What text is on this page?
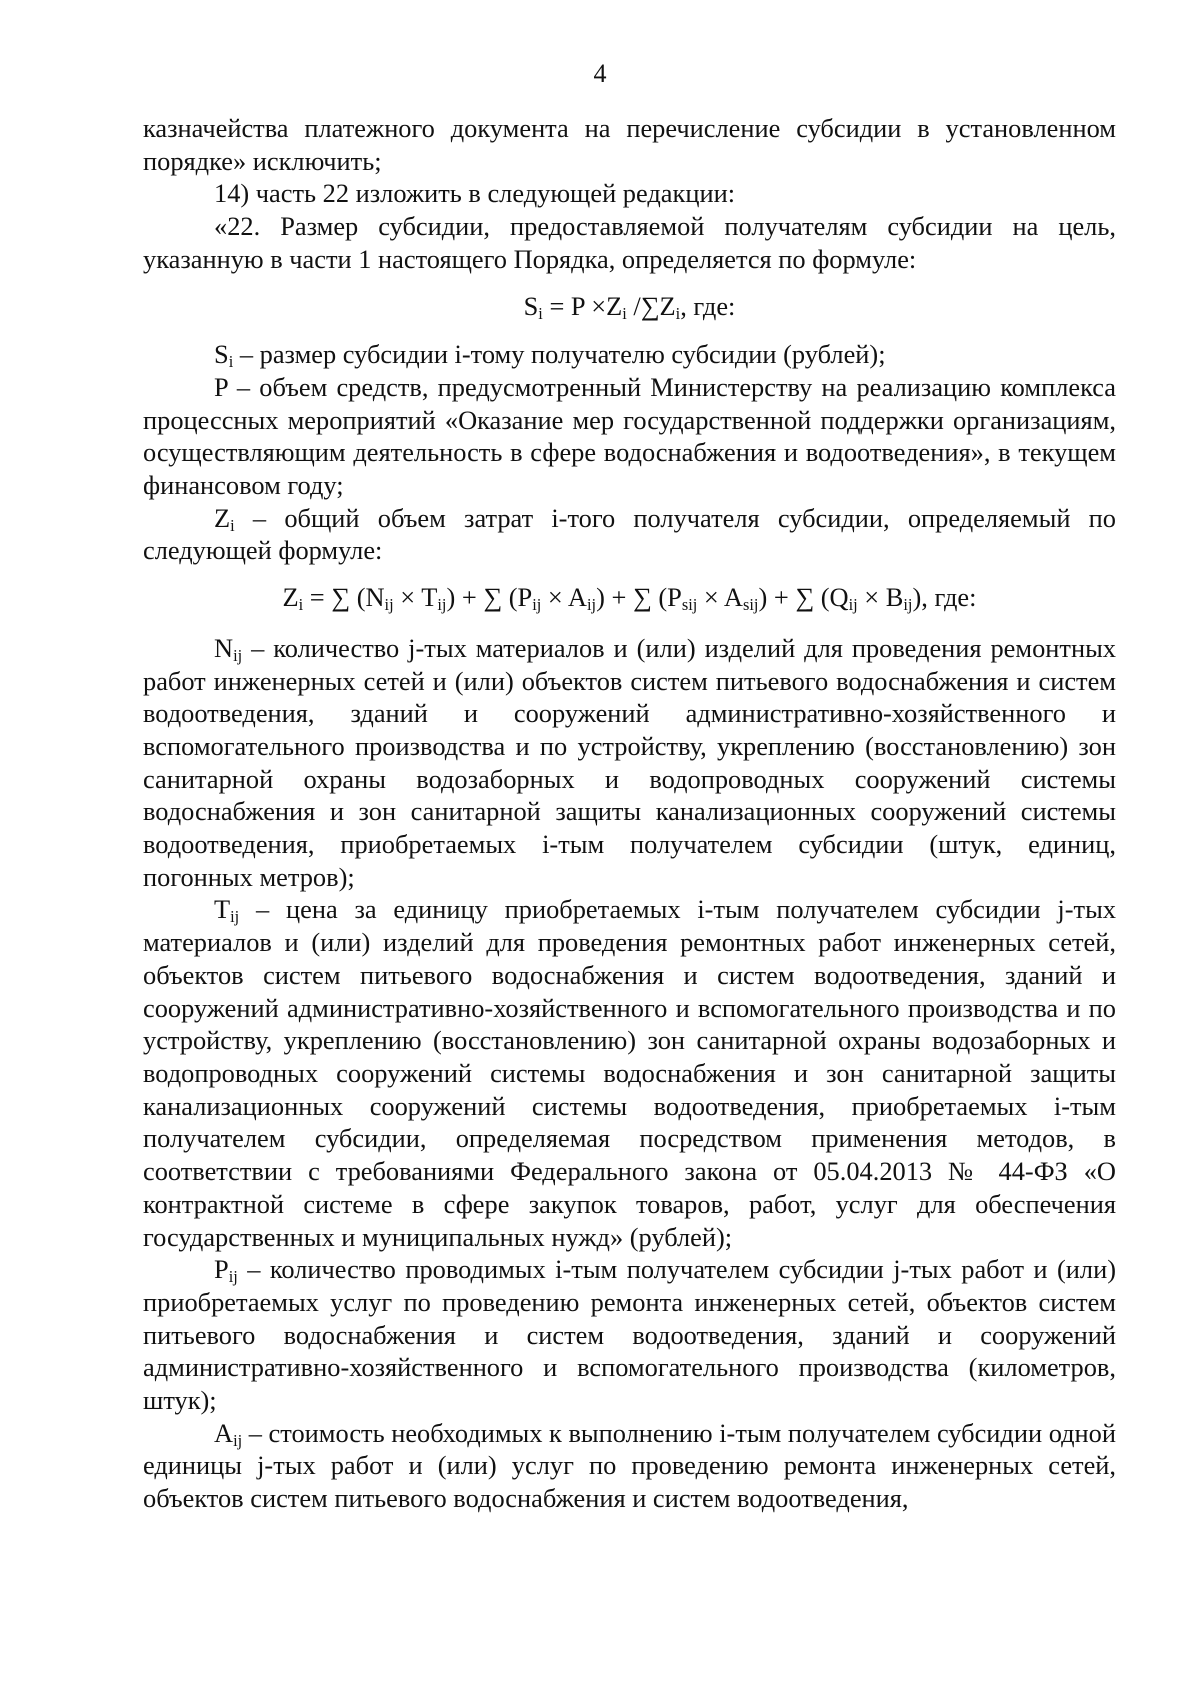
4

казначейства платежного документа на перечисление субсидии в установленном порядке» исключить;

14) часть 22 изложить в следующей редакции:

«22. Размер субсидии, предоставляемой получателям субсидии на цель, указанную в части 1 настоящего Порядка, определяется по формуле:

$S_i = P \times Z_i$ $/\sum Z_i$, где:

$S_i$ – размер субсидии i-тому получателю субсидии (рублей);

P – объем средств, предусмотренный Министерству на реализацию комплекса процессных мероприятий «Оказание мер государственной поддержки организациям, осуществляющим деятельность в сфере водоснабжения и водоотведения», в текущем финансовом году;

$Z_i$ – общий объем затрат i-того получателя субсидии, определяемый по следующей формуле:

$Z_i$ = ∑ $(N_{ij} \times T_{ij})$ + ∑ $(P_{ij} \times A_{ij})$ + ∑ $(P_{sij} \times A_{sij})$ + ∑ $(Q_{ij} \times B_{ij})$, где:

$N_{ij}$ – количество j-тых материалов и (или) изделий для проведения ремонтных работ инженерных сетей и (или) объектов систем питьевого водоснабжения и систем водоотведения, зданий и сооружений административно-хозяйственного и вспомогательного производства и по устройству, укреплению (восстановлению) зон санитарной охраны водозаборных и водопроводных сооружений системы водоснабжения и зон санитарной защиты канализационных сооружений системы водоотведения, приобретаемых i-тым получателем субсидии (штук, единиц, погонных метров);

$T_{ij}$ – цена за единицу приобретаемых i-тым получателем субсидии j-тых материалов и (или) изделий для проведения ремонтных работ инженерных сетей, объектов систем питьевого водоснабжения и систем водоотведения, зданий и сооружений административно-хозяйственного и вспомогательного производства и по устройству, укреплению (восстановлению) зон санитарной охраны водозаборных и водопроводных сооружений системы водоснабжения и зон санитарной защиты канализационных сооружений системы водоотведения, приобретаемых i-тым получателем субсидии, определяемая посредством применения методов, в соответствии с требованиями Федерального закона от 05.04.2013 № 44-ФЗ «О контрактной системе в сфере закупок товаров, работ, услуг для обеспечения государственных и муниципальных нужд» (рублей);

$P_{ij}$ – количество проводимых i-тым получателем субсидии j-тых работ и (или) приобретаемых услуг по проведению ремонта инженерных сетей, объектов систем питьевого водоснабжения и систем водоотведения, зданий и сооружений административно-хозяйственного и вспомогательного производства (километров, штук);

$A_{ij}$ – стоимость необходимых к выполнению i-тым получателем субсидии одной единицы j-тых работ и (или) услуг по проведению ремонта инженерных сетей, объектов систем питьевого водоснабжения и систем водоотведения,
